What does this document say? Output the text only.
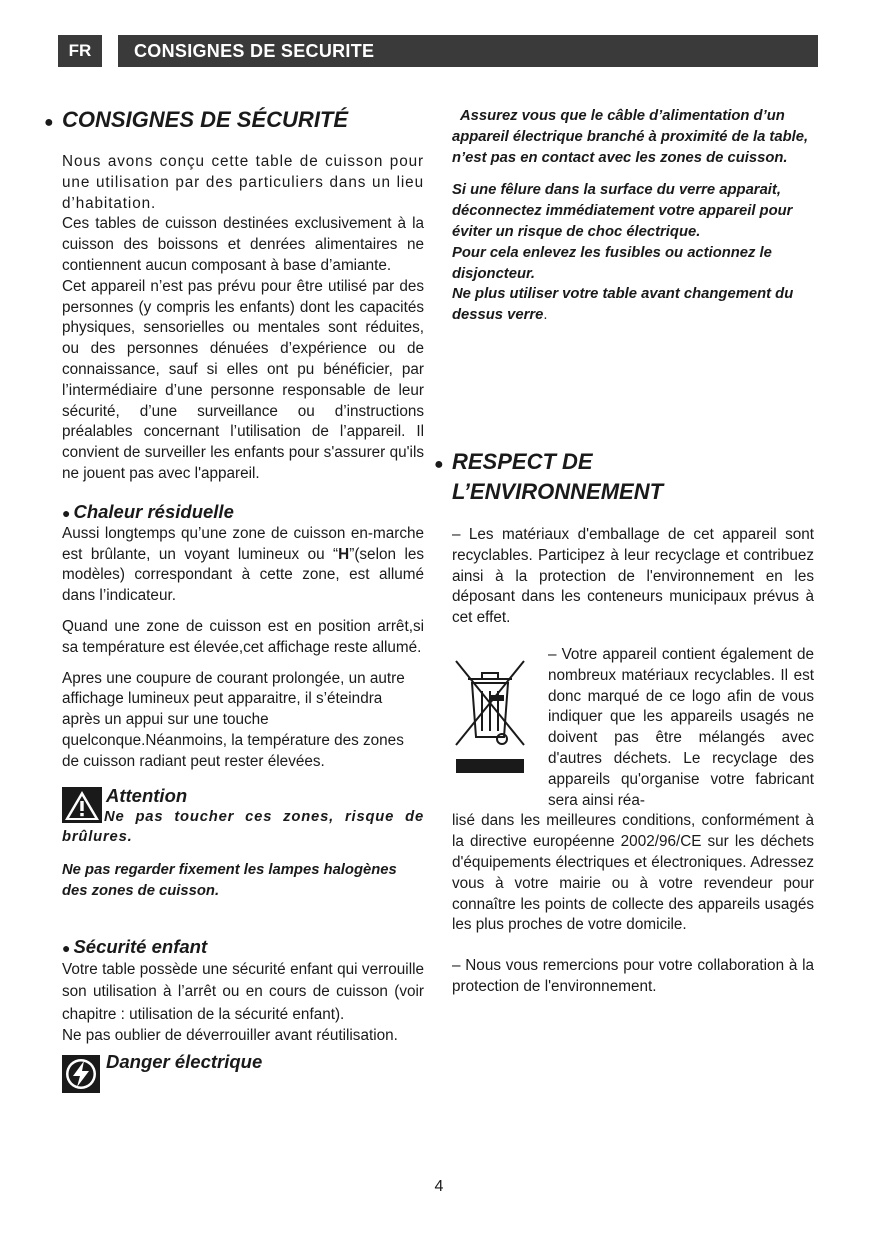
FR	CONSIGNES DE SECURITE
● CONSIGNES DE SÉCURITÉ

Nous avons conçu cette table de cuisson pour une utilisation par des particuliers dans un lieu d’habitation.

Ces tables de cuisson destinées exclusivement à la cuisson des boissons et denrées alimentaires ne contiennent aucun composant à base d’amiante.

Cet appareil n’est pas prévu pour être utilisé par des personnes (y compris les enfants) dont les capacités physiques, sensorielles ou mentales sont réduites, ou des personnes dénuées d’expérience ou de connaissance, sauf si elles ont pu bénéficier, par l’intermédiaire d’une personne responsable de leur sécurité, d’une surveillance ou d’instructions préalables concernant l’utilisation de l’appareil. Il convient de surveiller les enfants pour s'assurer qu'ils ne jouent pas avec l'appareil.

● Chaleur résiduelle

Aussi longtemps qu’une zone de cuisson en-marche est brûlante, un voyant lumineux ou “H”(selon les modèles) correspondant à cette zone, est allumé dans l’indicateur.

Quand une zone de cuisson est en position arrêt,si sa température est élevée,cet affichage reste allumé.

Apres une coupure de courant prolongée, un autre affichage lumineux peut apparaitre, il s’éteindra après un appui sur une touche quelconque.Néanmoins, la température des zones de cuisson radiant peut rester élevées.

Attention

Ne pas toucher ces zones, risque de brûlures.

Ne pas regarder fixement les lampes halogènes des zones de cuisson.

● Sécurité enfant

Votre table possède une sécurité enfant qui verrouille son utilisation à l’arrêt ou en cours de cuisson (voir chapitre : utilisation de la sécurité enfant).

Ne pas oublier de déverrouiller avant réutilisation.

Danger électrique

Assurez vous que le câble d’alimentation d’un appareil électrique branché à proximité de la table, n’est pas en contact avec les zones de cuisson.

Si une fêlure dans la surface du verre apparait, déconnectez immédiatement votre appareil pour éviter un risque de choc électrique.

Pour cela enlevez les fusibles ou actionnez le disjoncteur.

Ne plus utiliser votre table avant changement du dessus verre.

● RESPECT DE
L’ENVIRONNEMENT

– Les matériaux d'emballage de cet appareil sont recyclables. Participez à leur recyclage et contribuez ainsi à la protection de l'environnement en les déposant dans les conteneurs municipaux prévus à cet effet.

– Votre appareil contient également de nombreux matériaux recyclables. Il est donc marqué de ce logo afin de vous indiquer que les appareils usagés ne doivent pas être mélangés avec d'autres déchets. Le recyclage des appareils qu'organise votre fabricant sera ainsi réa-

lisé dans les meilleures conditions, conformément à la directive européenne 2002/96/CE sur les déchets d'équipements électriques et électroniques. Adressez vous à votre mairie ou à votre revendeur pour connaître les points de collecte des appareils usagés les plus proches de votre domicile.

– Nous vous remercions pour votre collaboration à la protection de l'environnement.

4
